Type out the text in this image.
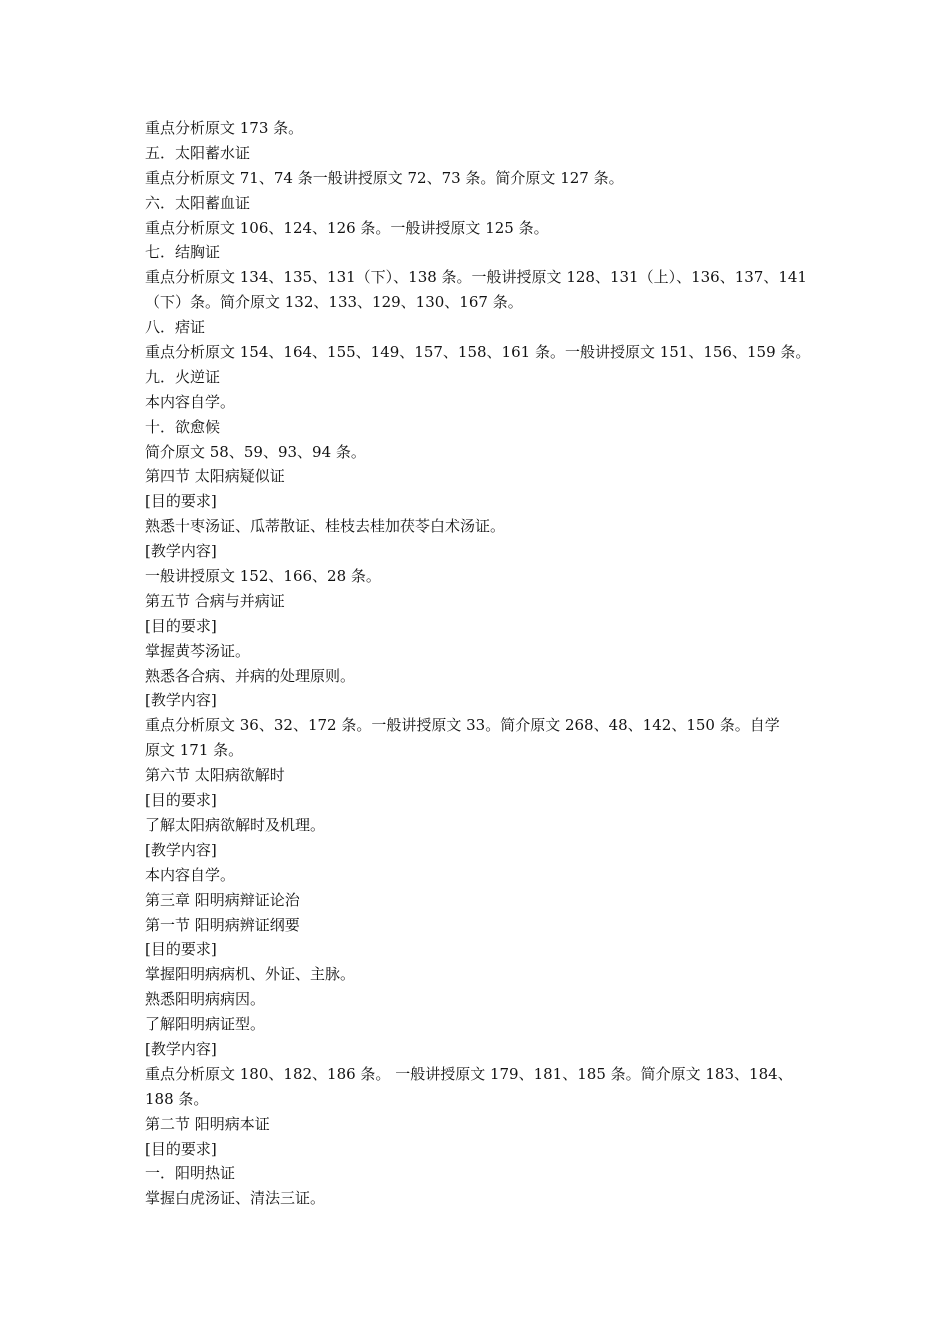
重点分析原文 173 条。
五．太阳蓄水证
重点分析原文 71、74 条一般讲授原文 72、73 条。简介原文 127 条。
六．太阳蓄血证
重点分析原文 106、124、126 条。一般讲授原文 125 条。
七．结胸证
重点分析原文 134、135、131（下）、138 条。一般讲授原文 128、131（上）、136、137、141
（下）条。简介原文 132、133、129、130、167 条。
八．痞证
重点分析原文 154、164、155、149、157、158、161 条。一般讲授原文 151、156、159 条。
九．火逆证
本内容自学。
十．欲愈候
简介原文 58、59、93、94 条。
第四节 太阳病疑似证
[目的要求]
熟悉十枣汤证、瓜蒂散证、桂枝去桂加茯苓白术汤证。
[教学内容]
一般讲授原文 152、166、28 条。
第五节 合病与并病证
[目的要求]
掌握黄芩汤证。
熟悉各合病、并病的处理原则。
[教学内容]
重点分析原文 36、32、172 条。一般讲授原文 33。简介原文 268、48、142、150 条。自学
原文 171 条。
第六节 太阳病欲解时
[目的要求]
了解太阳病欲解时及机理。
[教学内容]
本内容自学。
第三章 阳明病辩证论治
第一节 阳明病辨证纲要
[目的要求]
掌握阳明病病机、外证、主脉。
熟悉阳明病病因。
了解阳明病证型。
[教学内容]
重点分析原文 180、182、186 条。 一般讲授原文 179、181、185 条。简介原文 183、184、
188 条。
第二节 阳明病本证
[目的要求]
一．阳明热证
掌握白虎汤证、清法三证。
